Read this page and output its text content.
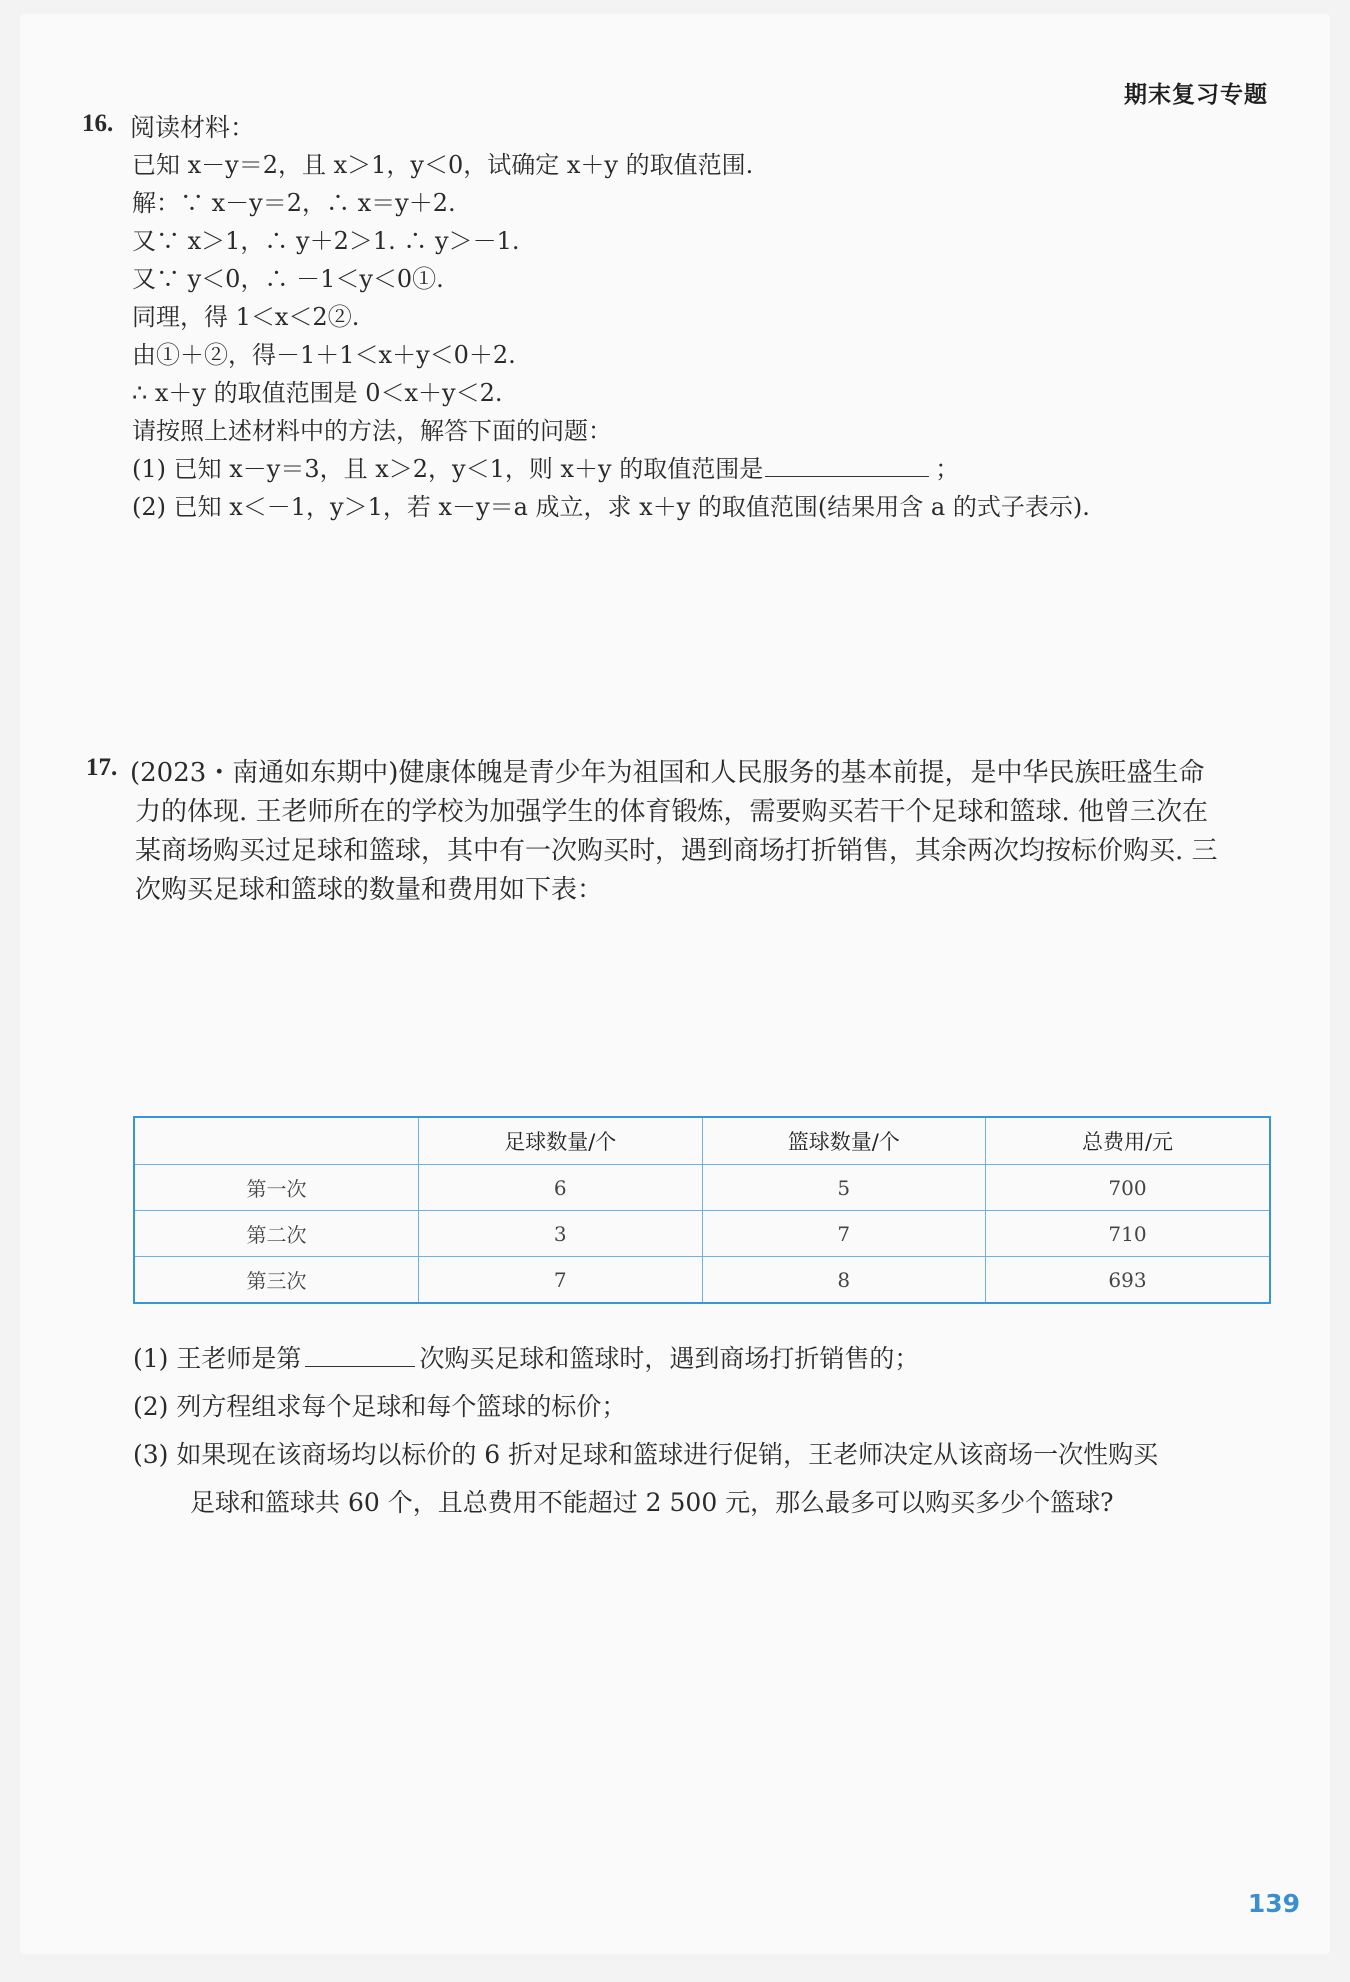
期末复习专题
16. 阅读材料：
已知 x－y＝2，且 x＞1，y＜0，试确定 x＋y 的取值范围.
解：∵ x－y＝2，∴ x＝y＋2.
又∵ x＞1，∴ y＋2＞1. ∴ y＞－1.
又∵ y＜0，∴ －1＜y＜0①.
同理，得 1＜x＜2②.
由①＋②，得－1＋1＜x＋y＜0＋2.
∴ x＋y 的取值范围是 0＜x＋y＜2.
请按照上述材料中的方法，解答下面的问题：
(1) 已知 x－y＝3，且 x＞2，y＜1，则 x＋y 的取值范围是	；
(2) 已知 x＜－1，y＞1，若 x－y＝a 成立，求 x＋y 的取值范围(结果用含 a 的式子表示).
17. (2023・南通如东期中)健康体魄是青少年为祖国和人民服务的基本前提，是中华民族旺盛生命
力的体现. 王老师所在的学校为加强学生的体育锻炼，需要购买若干个足球和篮球. 他曾三次在
某商场购买过足球和篮球，其中有一次购买时，遇到商场打折销售，其余两次均按标价购买. 三
次购买足球和篮球的数量和费用如下表：
	足球数量/个	篮球数量/个	总费用/元
第一次	6	5	700
第二次	3	7	710
第三次	7	8	693
(1) 王老师是第	次购买足球和篮球时，遇到商场打折销售的；
(2) 列方程组求每个足球和每个篮球的标价；
(3) 如果现在该商场均以标价的 6 折对足球和篮球进行促销，王老师决定从该商场一次性购买
足球和篮球共 60 个，且总费用不能超过 2 500 元，那么最多可以购买多少个篮球?
139
